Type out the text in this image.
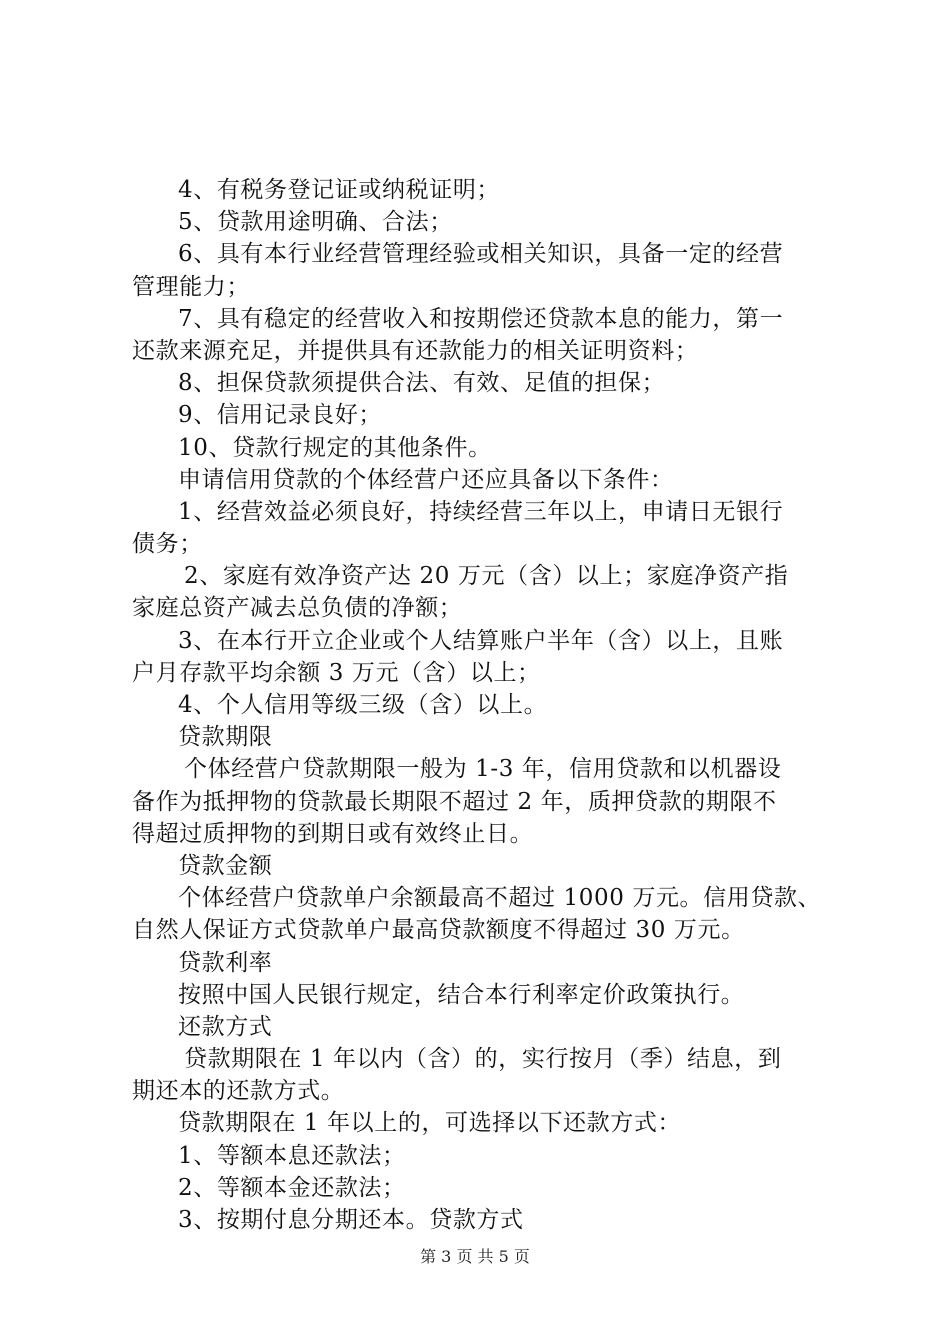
4、有税务登记证或纳税证明；
5、贷款用途明确、合法；
6、具有本行业经营管理经验或相关知识，具备一定的经营
管理能力；
7、具有稳定的经营收入和按期偿还贷款本息的能力，第一
还款来源充足，并提供具有还款能力的相关证明资料；
8、担保贷款须提供合法、有效、足值的担保；
9、信用记录良好；
10、贷款行规定的其他条件。
申请信用贷款的个体经营户还应具备以下条件：
1、经营效益必须良好，持续经营三年以上，申请日无银行
债务；
2、家庭有效净资产达 20 万元（含）以上；家庭净资产指
家庭总资产减去总负债的净额；
3、在本行开立企业或个人结算账户半年（含）以上，且账
户月存款平均余额 3 万元（含）以上；
4、个人信用等级三级（含）以上。
贷款期限
个体经营户贷款期限一般为 1-3 年，信用贷款和以机器设
备作为抵押物的贷款最长期限不超过 2 年，质押贷款的期限不
得超过质押物的到期日或有效终止日。
贷款金额
个体经营户贷款单户余额最高不超过 1000 万元。信用贷款、
自然人保证方式贷款单户最高贷款额度不得超过 30 万元。
贷款利率
按照中国人民银行规定，结合本行利率定价政策执行。
还款方式
贷款期限在 1 年以内（含）的，实行按月（季）结息，到
期还本的还款方式。
贷款期限在 1 年以上的，可选择以下还款方式：
1、等额本息还款法；
2、等额本金还款法；
3、按期付息分期还本。贷款方式
第 3 页 共 5 页
